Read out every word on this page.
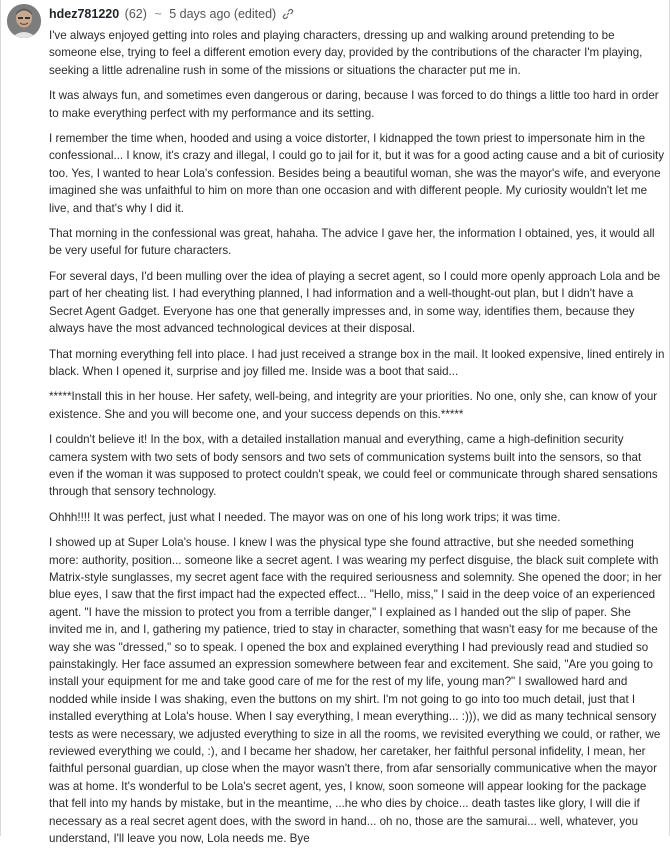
hdez781220 (62) ~ 5 days ago (edited)

I've always enjoyed getting into roles and playing characters, dressing up and walking around pretending to be someone else, trying to feel a different emotion every day, provided by the contributions of the character I'm playing, seeking a little adrenaline rush in some of the missions or situations the character put me in.

It was always fun, and sometimes even dangerous or daring, because I was forced to do things a little too hard in order to make everything perfect with my performance and its setting.

I remember the time when, hooded and using a voice distorter, I kidnapped the town priest to impersonate him in the confessional... I know, it's crazy and illegal, I could go to jail for it, but it was for a good acting cause and a bit of curiosity too. Yes, I wanted to hear Lola's confession. Besides being a beautiful woman, she was the mayor's wife, and everyone imagined she was unfaithful to him on more than one occasion and with different people. My curiosity wouldn't let me live, and that's why I did it.

That morning in the confessional was great, hahaha. The advice I gave her, the information I obtained, yes, it would all be very useful for future characters.

For several days, I'd been mulling over the idea of playing a secret agent, so I could more openly approach Lola and be part of her cheating list. I had everything planned, I had information and a well-thought-out plan, but I didn't have a Secret Agent Gadget. Everyone has one that generally impresses and, in some way, identifies them, because they always have the most advanced technological devices at their disposal.

That morning everything fell into place. I had just received a strange box in the mail. It looked expensive, lined entirely in black. When I opened it, surprise and joy filled me. Inside was a boot that said...

*****Install this in her house. Her safety, well-being, and integrity are your priorities. No one, only she, can know of your existence. She and you will become one, and your success depends on this.*****

I couldn't believe it! In the box, with a detailed installation manual and everything, came a high-definition security camera system with two sets of body sensors and two sets of communication systems built into the sensors, so that even if the woman it was supposed to protect couldn't speak, we could feel or communicate through shared sensations through that sensory technology.

Ohhh!!!! It was perfect, just what I needed. The mayor was on one of his long work trips; it was time.

I showed up at Super Lola's house. I knew I was the physical type she found attractive, but she needed something more: authority, position... someone like a secret agent. I was wearing my perfect disguise, the black suit complete with Matrix-style sunglasses, my secret agent face with the required seriousness and solemnity. She opened the door; in her blue eyes, I saw that the first impact had the expected effect... "Hello, miss," I said in the deep voice of an experienced agent. "I have the mission to protect you from a terrible danger," I explained as I handed out the slip of paper. She invited me in, and I, gathering my patience, tried to stay in character, something that wasn't easy for me because of the way she was "dressed," so to speak. I opened the box and explained everything I had previously read and studied so painstakingly. Her face assumed an expression somewhere between fear and excitement. She said, "Are you going to install your equipment for me and take good care of me for the rest of my life, young man?" I swallowed hard and nodded while inside I was shaking, even the buttons on my shirt. I'm not going to go into too much detail, just that I installed everything at Lola's house. When I say everything, I mean everything... :))), we did as many technical sensory tests as were necessary, we adjusted everything to size in all the rooms, we revisited everything we could, or rather, we reviewed everything we could, :), and I became her shadow, her caretaker, her faithful personal infidelity, I mean, her faithful personal guardian, up close when the mayor wasn't there, from afar sensorially communicative when the mayor was at home. It's wonderful to be Lola's secret agent, yes, I know, soon someone will appear looking for the package that fell into my hands by mistake, but in the meantime, ...he who dies by choice... death tastes like glory, I will die if necessary as a real secret agent does, with the sword in hand... oh no, those are the samurai... well, whatever, you understand, I'll leave you now, Lola needs me. Bye
